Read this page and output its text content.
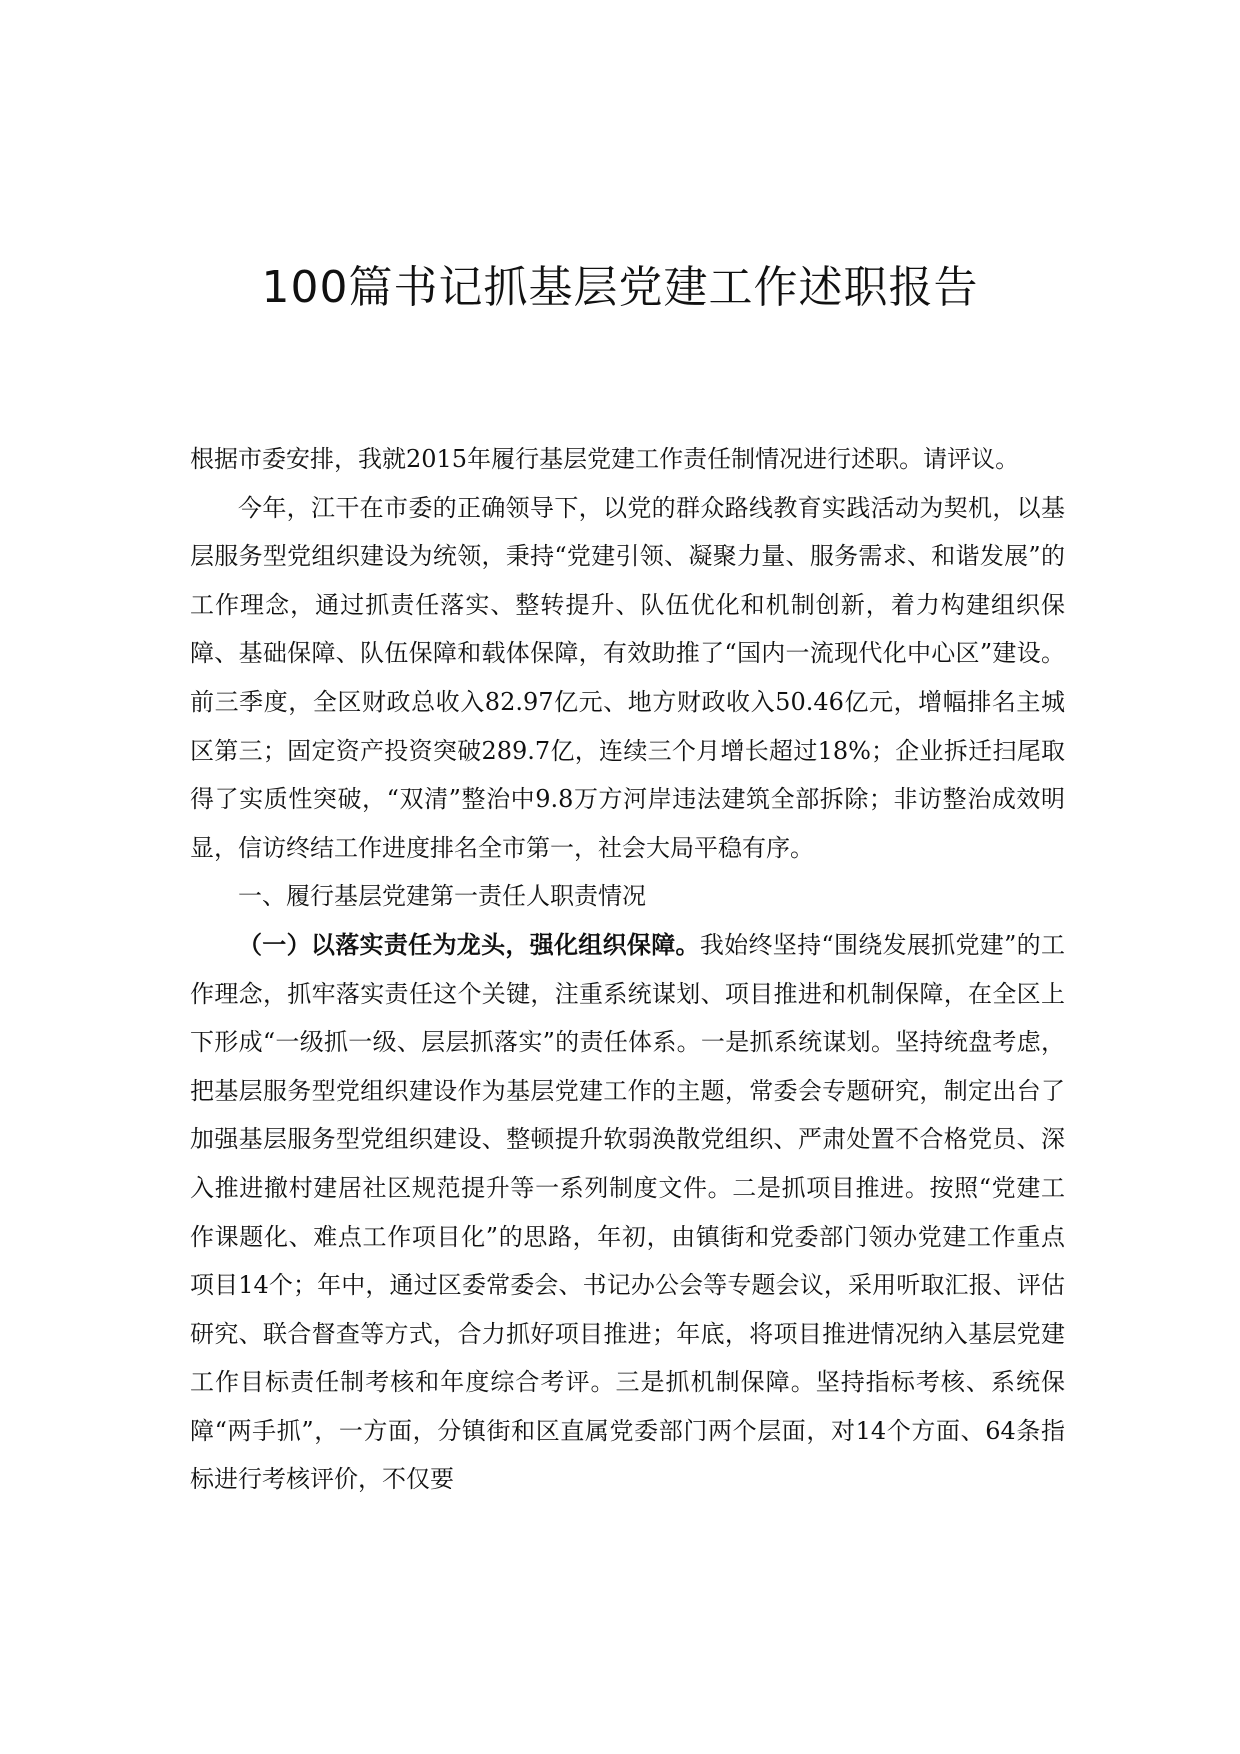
100篇书记抓基层党建工作述职报告

根据市委安排，我就2015年履行基层党建工作责任制情况进行述职。请评议。

今年，江干在市委的正确领导下，以党的群众路线教育实践活动为契机，以基层服务型党组织建设为统领，秉持“党建引领、凝聚力量、服务需求、和谐发展”的工作理念，通过抓责任落实、整转提升、队伍优化和机制创新，着力构建组织保障、基础保障、队伍保障和载体保障，有效助推了“国内一流现代化中心区”建设。前三季度，全区财政总收入82.97亿元、地方财政收入50.46亿元，增幅排名主城区第三；固定资产投资突破289.7亿，连续三个月增长超过18%；企业拆迁扫尾取得了实质性突破，“双清”整治中9.8万方河岸违法建筑全部拆除；非访整治成效明显，信访终结工作进度排名全市第一，社会大局平稳有序。

一、履行基层党建第一责任人职责情况

（一）以落实责任为龙头，强化组织保障。我始终坚持“围绕发展抓党建”的工作理念，抓牢落实责任这个关键，注重系统谋划、项目推进和机制保障，在全区上下形成“一级抓一级、层层抓落实”的责任体系。一是抓系统谋划。坚持统盘考虑，把基层服务型党组织建设作为基层党建工作的主题，常委会专题研究，制定出台了加强基层服务型党组织建设、整顿提升软弱涣散党组织、严肃处置不合格党员、深入推进撤村建居社区规范提升等一系列制度文件。二是抓项目推进。按照“党建工作课题化、难点工作项目化”的思路，年初，由镇街和党委部门领办党建工作重点项目14个；年中，通过区委常委会、书记办公会等专题会议，采用听取汇报、评估研究、联合督查等方式，合力抓好项目推进；年底，将项目推进情况纳入基层党建工作目标责任制考核和年度综合考评。三是抓机制保障。坚持指标考核、系统保障“两手抓”，一方面，分镇街和区直属党委部门两个层面，对14个方面、64条指标进行考核评价，不仅要
